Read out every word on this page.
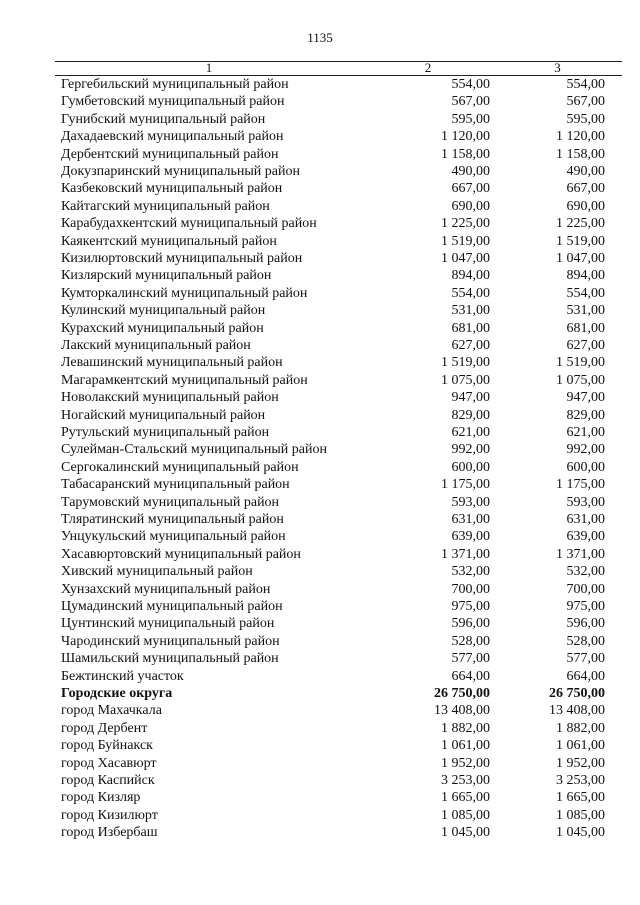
1135
1	2	3
Гергебильский муниципальный район	554,00	554,00
Гумбетовский муниципальный район	567,00	567,00
Гунибский муниципальный район	595,00	595,00
Дахадаевский муниципальный район	1 120,00	1 120,00
Дербентский муниципальный район	1 158,00	1 158,00
Докузпаринский муниципальный район	490,00	490,00
Казбековский муниципальный район	667,00	667,00
Кайтагский муниципальный район	690,00	690,00
Карабудахкентский муниципальный район	1 225,00	1 225,00
Каякентский муниципальный район	1 519,00	1 519,00
Кизилюртовский муниципальный район	1 047,00	1 047,00
Кизлярский муниципальный район	894,00	894,00
Кумторкалинский муниципальный район	554,00	554,00
Кулинский муниципальный район	531,00	531,00
Курахский муниципальный район	681,00	681,00
Лакский муниципальный район	627,00	627,00
Левашинский муниципальный район	1 519,00	1 519,00
Магарамкентский муниципальный район	1 075,00	1 075,00
Новолакский муниципальный район	947,00	947,00
Ногайский муниципальный район	829,00	829,00
Рутульский муниципальный район	621,00	621,00
Сулейман-Стальский муниципальный район	992,00	992,00
Сергокалинский муниципальный район	600,00	600,00
Табасаранский муниципальный район	1 175,00	1 175,00
Тарумовский муниципальный район	593,00	593,00
Тляратинский муниципальный район	631,00	631,00
Унцукульский муниципальный район	639,00	639,00
Хасавюртовский муниципальный район	1 371,00	1 371,00
Хивский муниципальный район	532,00	532,00
Хунзахский муниципальный район	700,00	700,00
Цумадинский муниципальный район	975,00	975,00
Цунтинский муниципальный район	596,00	596,00
Чародинский муниципальный район	528,00	528,00
Шамильский муниципальный район	577,00	577,00
Бежтинский участок	664,00	664,00
Городские округа	26 750,00	26 750,00
город Махачкала	13 408,00	13 408,00
город Дербент	1 882,00	1 882,00
город Буйнакск	1 061,00	1 061,00
город Хасавюрт	1 952,00	1 952,00
город Каспийск	3 253,00	3 253,00
город Кизляр	1 665,00	1 665,00
город Кизилюрт	1 085,00	1 085,00
город Избербаш	1 045,00	1 045,00
